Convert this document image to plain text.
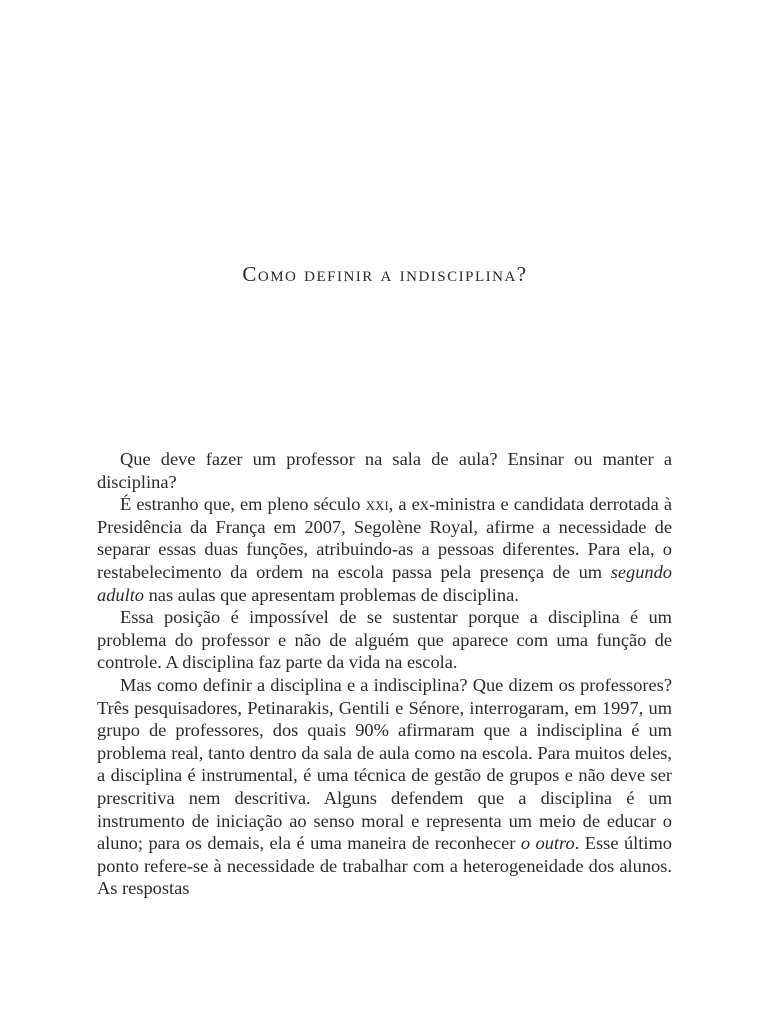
Como definir a indisciplina?

Que deve fazer um professor na sala de aula? Ensinar ou manter a disciplina?

É estranho que, em pleno século xxi, a ex-ministra e candidata derrotada à Presidência da França em 2007, Segolène Royal, afirme a necessidade de separar essas duas funções, atribuindo-as a pessoas diferentes. Para ela, o restabelecimento da ordem na escola passa pela presença de um segundo adulto nas aulas que apresentam problemas de disciplina.

Essa posição é impossível de se sustentar porque a disciplina é um problema do professor e não de alguém que aparece com uma função de controle. A disciplina faz parte da vida na escola.

Mas como definir a disciplina e a indisciplina? Que dizem os professores? Três pesquisadores, Petinarakis, Gentili e Sénore, interrogaram, em 1997, um grupo de professores, dos quais 90% afirmaram que a indisciplina é um problema real, tanto dentro da sala de aula como na escola. Para muitos deles, a disciplina é instrumental, é uma técnica de gestão de grupos e não deve ser prescritiva nem descritiva. Alguns defendem que a disciplina é um instrumento de iniciação ao senso moral e representa um meio de educar o aluno; para os demais, ela é uma maneira de reconhecer o outro. Esse último ponto refere-se à necessidade de trabalhar com a heterogeneidade dos alunos. As respostas
